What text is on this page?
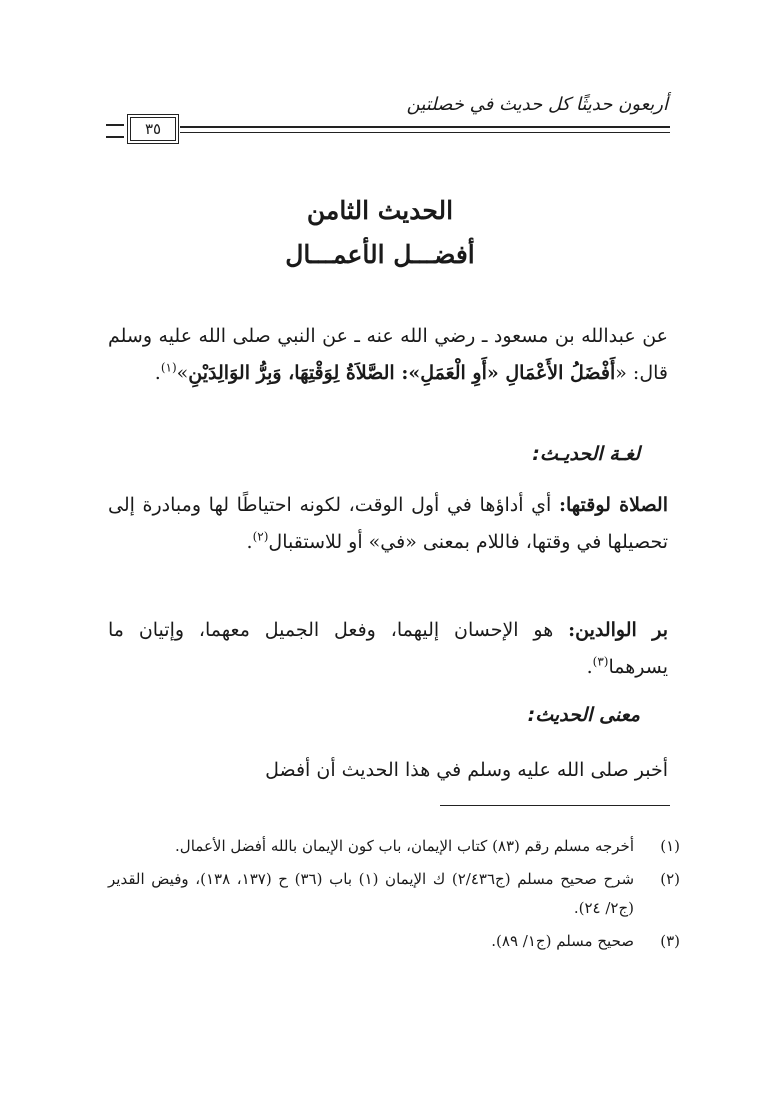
أربعون حديثًا كل حديث في خصلتين
٣٥
الحديث الثامن
أفضـــل الأعمـــال

عن عبدالله بن مسعود ـ رضي الله عنه ـ عن النبي صلى الله عليه وسلم قال: «أَفْضَلُ الأَعْمَالِ «أَوِ الْعَمَلِ»: الصَّلاَةُ لِوَقْتِهَا، وَبِرُّ الوَالِدَيْنِ»$^{(١)}$.

لغـة الحديـث:

الصلاة لوقتها: أي أداؤها في أول الوقت، لكونه احتياطًا لها ومبادرة إلى تحصيلها في وقتها، فاللام بمعنى «في» أو للاستقبال$^{(٢)}$.

بر الوالدين: هو الإحسان إليهما، وفعل الجميل معهما، وإتيان ما يسرهما$^{(٣)}$.

معنى الحديث:

أخبر صلى الله عليه وسلم في هذا الحديث أن أفضل

(١)
أخرجه مسلم رقم (٨٣) كتاب الإيمان، باب كون الإيمان بالله أفضل الأعمال.
(٢)
شرح صحيح مسلم (ج٢/٤٣٦) ك الإيمان (١) باب (٣٦) ح (١٣٧، ١٣٨)، وفيض القدير (ج٢/ ٢٤).
(٣)
صحيح مسلم (ج١/ ٨٩).
